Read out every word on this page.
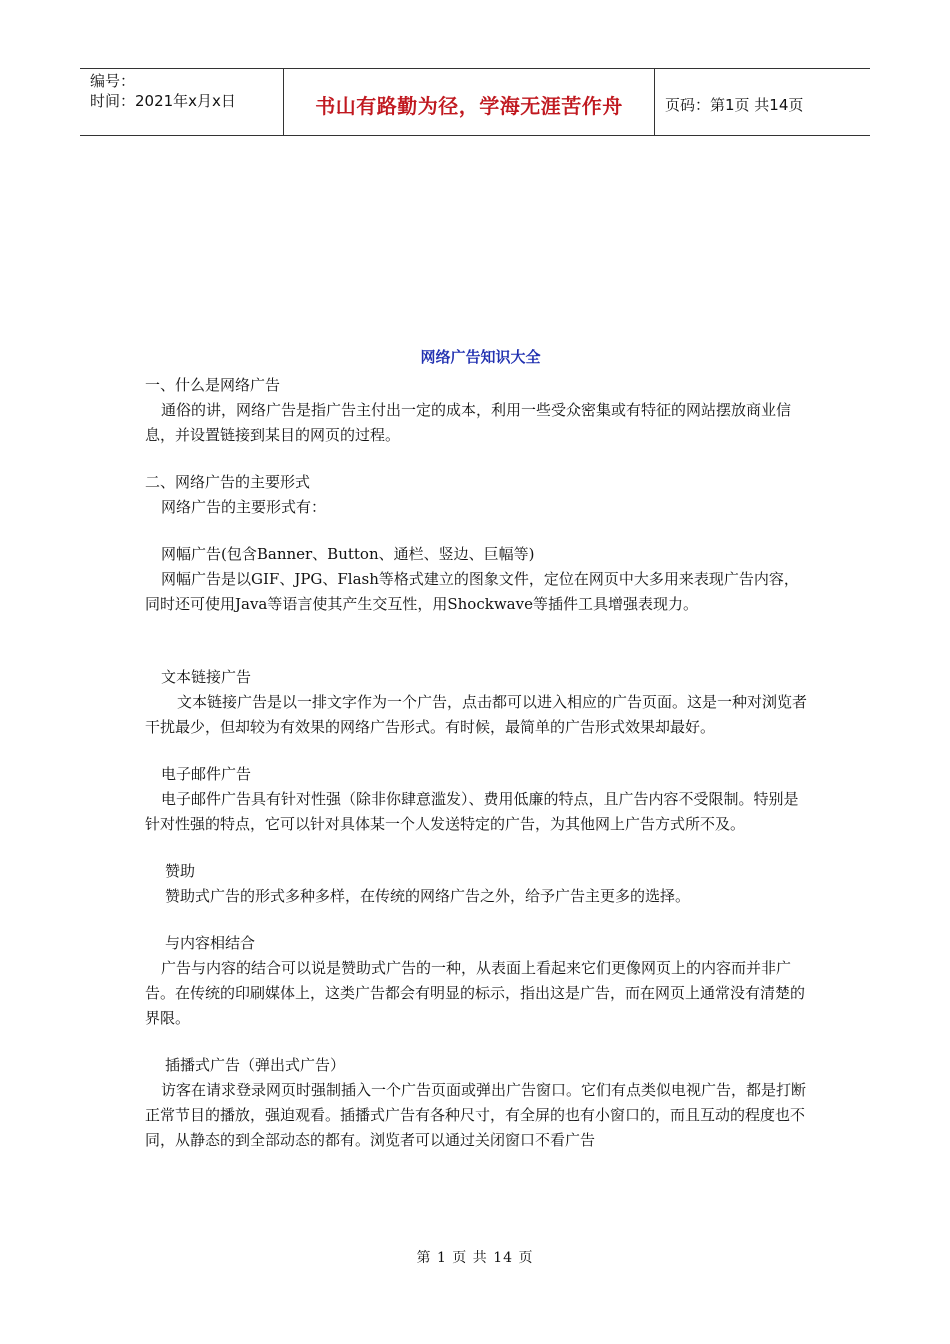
编号：
时间：2021年x月x日	书山有路勤为径，学海无涯苦作舟	页码：第1页 共14页
网络广告知识大全

一、什么是网络广告

通俗的讲，网络广告是指广告主付出一定的成本，利用一些受众密集或有特征的网站摆放商业信息，并设置链接到某目的网页的过程。

二、网络广告的主要形式

网络广告的主要形式有：

网幅广告(包含Banner、Button、通栏、竖边、巨幅等)

网幅广告是以GIF、JPG、Flash等格式建立的图象文件，定位在网页中大多用来表现广告内容，同时还可使用Java等语言使其产生交互性，用Shockwave等插件工具增强表现力。

文本链接广告

文本链接广告是以一排文字作为一个广告，点击都可以进入相应的广告页面。这是一种对浏览者干扰最少，但却较为有效果的网络广告形式。有时候，最简单的广告形式效果却最好。

电子邮件广告

电子邮件广告具有针对性强（除非你肆意滥发）、费用低廉的特点，且广告内容不受限制。特别是针对性强的特点，它可以针对具体某一个人发送特定的广告，为其他网上广告方式所不及。

赞助

赞助式广告的形式多种多样，在传统的网络广告之外，给予广告主更多的选择。

与内容相结合

广告与内容的结合可以说是赞助式广告的一种，从表面上看起来它们更像网页上的内容而并非广告。在传统的印刷媒体上，这类广告都会有明显的标示，指出这是广告，而在网页上通常没有清楚的界限。

插播式广告（弹出式广告）

访客在请求登录网页时强制插入一个广告页面或弹出广告窗口。它们有点类似电视广告，都是打断正常节目的播放，强迫观看。插播式广告有各种尺寸，有全屏的也有小窗口的，而且互动的程度也不同，从静态的到全部动态的都有。浏览者可以通过关闭窗口不看广告

第 1 页 共 14 页
